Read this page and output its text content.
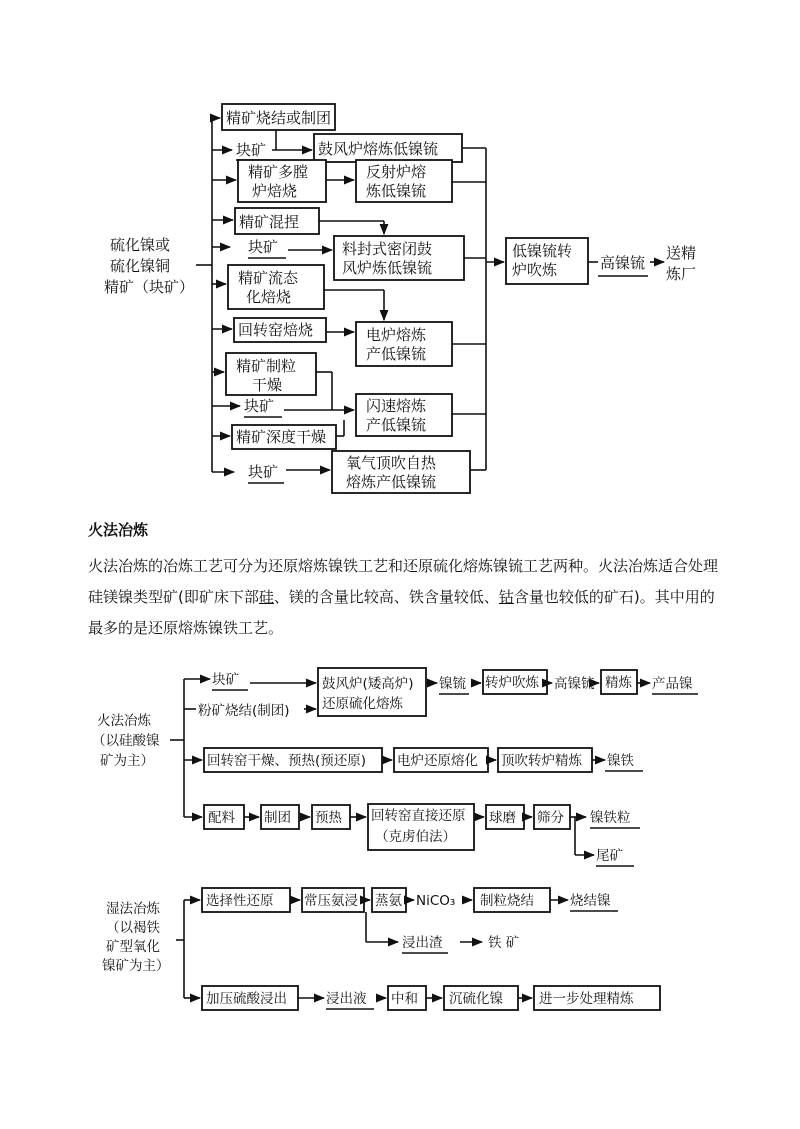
硫化镍或
硫化镍铜
精矿（块矿）
精矿烧结或制团
块矿	鼓风炉熔炼低镍锍
精矿多膛
炉焙烧
反射炉熔
炼低镍锍
精矿混捏
块矿	料封式密闭鼓
风炉炼低镍锍
精矿流态
化焙烧
回转窑焙烧	电炉熔炼
产低镍锍
精矿制粒
干燥
块矿	闪速熔炼
产低镍锍
精矿深度干燥
块矿	氧气顶吹自热
熔炼产低镍锍
低镍锍转
炉吹炼	高镍锍
送精
炼厂
火法冶炼

火法冶炼的冶炼工艺可分为还原熔炼镍铁工艺和还原硫化熔炼镍锍工艺两种。火法冶炼适合处理硅镁镍类型矿(即矿床下部硅、镁的含量比较高、铁含量较低、钴含量也较低的矿石)。其中用的最多的是还原熔炼镍铁工艺。

火法冶炼
（以硅酸镍
矿为主）
块矿
粉矿烧结(制团)
鼓风炉(矮高炉)
还原硫化熔炼
镍锍 转炉吹炼 高镍锍 精炼 产品镍
回转窑干燥、预热(预还原) 电炉还原熔化 顶吹转炉精炼 镍铁
配料 制团 预热 回转窑直接还原
（克虏伯法）
球磨 筛分 镍铁粒
尾矿
湿法冶炼
（以褐铁
矿型氧化
镍矿为主）
选择性还原 常压氨浸 蒸氨 NiCO₃ 制粒烧结	烧结镍
浸出渣	铁 矿
加压硫酸浸出	浸出液 中和 沉硫化镍	进一步处理精炼
